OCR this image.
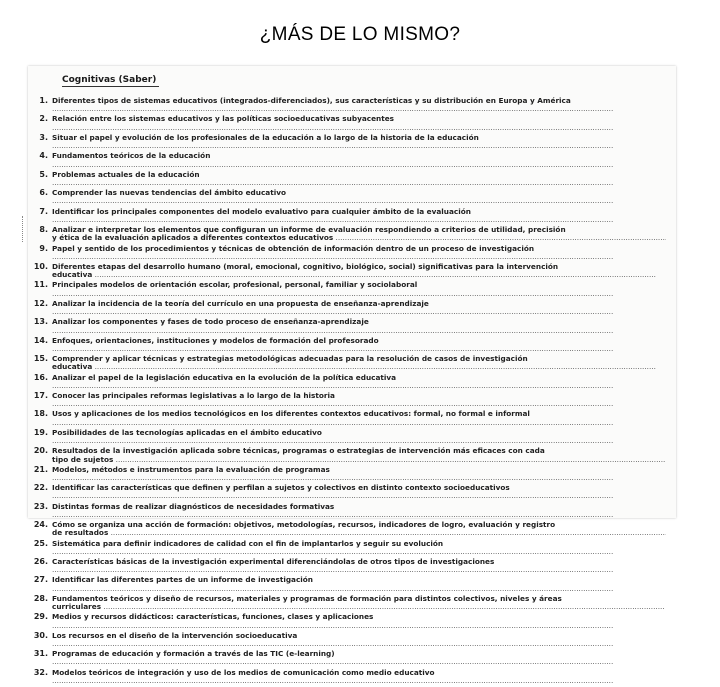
¿MÁS DE LO MISMO?
Cognitivas (Saber)
1. Diferentes tipos de sistemas educativos (integrados-diferenciados), sus características y su distribución en Europa y América
.....
2. Relación entre los sistemas educativos y las políticas socioeducativas subyacentes
.....
3. Situar el papel y evolución de los profesionales de la educación a lo largo de la historia de la educación
.....
4. Fundamentos teóricos de la educación
.....
5. Problemas actuales de la educación
.....
6. Comprender las nuevas tendencias del ámbito educativo
.....
7. Identificar los principales componentes del modelo evaluativo para cualquier ámbito de la evaluación
.....
8. Analizar e interpretar los elementos que configuran un informe de evaluación respondiendo a criterios de utilidad, precisión
y ética de la evaluación aplicados a diferentes contextos educativos .....
9. Papel y sentido de los procedimientos y técnicas de obtención de información dentro de un proceso de investigación
.....
10. Diferentes etapas del desarrollo humano (moral, emocional, cognitivo, biológico, social) significativas para la intervención
educativa .....
11. Principales modelos de orientación escolar, profesional, personal, familiar y sociolaboral
.....
12. Analizar la incidencia de la teoría del currículo en una propuesta de enseñanza-aprendizaje
.....
13. Analizar los componentes y fases de todo proceso de enseñanza-aprendizaje
.....
14. Enfoques, orientaciones, instituciones y modelos de formación del profesorado
.....
15. Comprender y aplicar técnicas y estrategias metodológicas adecuadas para la resolución de casos de investigación
educativa .....
16. Analizar el papel de la legislación educativa en la evolución de la política educativa
.....
17. Conocer las principales reformas legislativas a lo largo de la historia
.....
18. Usos y aplicaciones de los medios tecnológicos en los diferentes contextos educativos: formal, no formal e informal
.....
19. Posibilidades de las tecnologías aplicadas en el ámbito educativo
.....
20. Resultados de la investigación aplicada sobre técnicas, programas o estrategias de intervención más eficaces con cada
tipo de sujetos .....
21. Modelos, métodos e instrumentos para la evaluación de programas
.....
22. Identificar las características que definen y perfilan a sujetos y colectivos en distinto contexto socioeducativos
.....
23. Distintas formas de realizar diagnósticos de necesidades formativas
.....
24. Cómo se organiza una acción de formación: objetivos, metodologías, recursos, indicadores de logro, evaluación y registro
de resultados .....
25. Sistemática para definir indicadores de calidad con el fin de implantarlos y seguir su evolución
.....
26. Características básicas de la investigación experimental diferenciándolas de otros tipos de investigaciones
.....
27. Identificar las diferentes partes de un informe de investigación
.....
28. Fundamentos teóricos y diseño de recursos, materiales y programas de formación para distintos colectivos, niveles y áreas
curriculares .....
29. Medios y recursos didácticos: características, funciones, clases y aplicaciones
.....
30. Los recursos en el diseño de la intervención socioeducativa
.....
31. Programas de educación y formación a través de las TIC (e-learning)
.....
32. Modelos teóricos de integración y uso de los medios de comunicación como medio educativo
.....
